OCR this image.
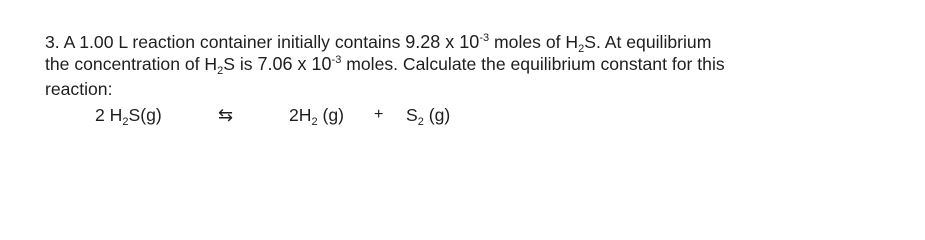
3. A 1.00 L reaction container initially contains 9.28 x $10^{-3}$ moles of $H_2S$. At equilibrium
the concentration of $H_2S$ is 7.06 x $10^{-3}$ moles. Calculate the equilibrium constant for this
reaction:
2 $H_2S(g)$	⇆	$2H_2$ $(g) + S_2$ (g)
